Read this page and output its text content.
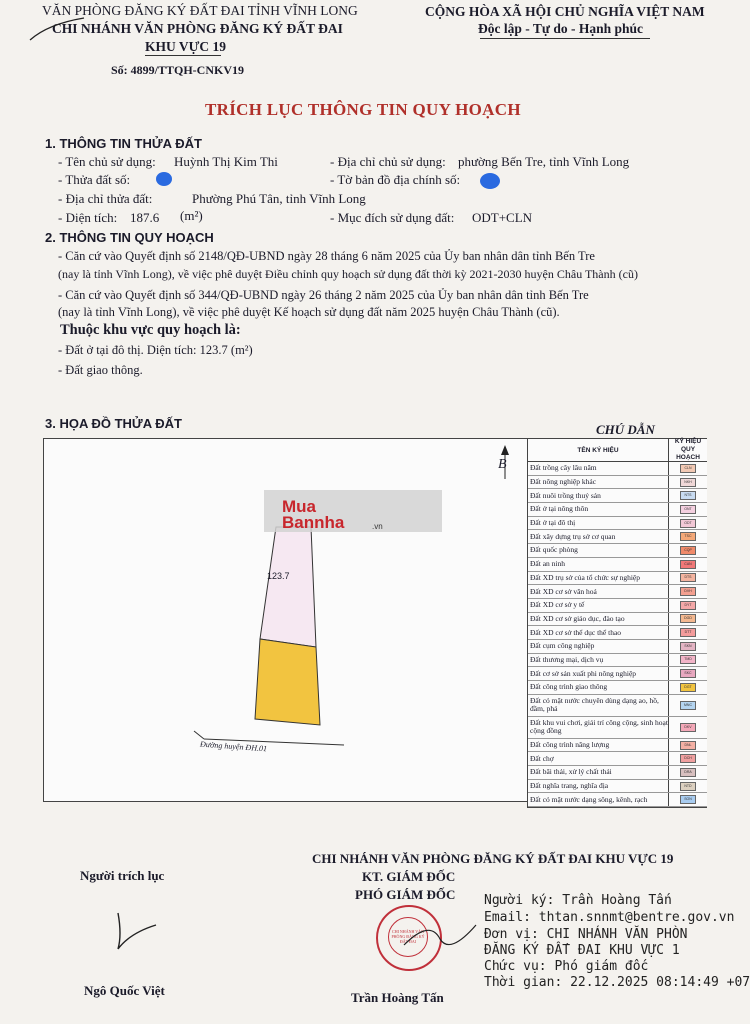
VĂN PHÒNG ĐĂNG KÝ ĐẤT ĐAI TỈNH VĨNH LONG
CHI NHÁNH VĂN PHÒNG ĐĂNG KÝ ĐẤT ĐAI
KHU VỰC 19
Số: 4899/TTQH-CNKV19
CỘNG HÒA XÃ HỘI CHỦ NGHĨA VIỆT NAM
Độc lập - Tự do - Hạnh phúc
TRÍCH LỤC THÔNG TIN QUY HOẠCH
1. THÔNG TIN THỬA ĐẤT
- Tên chủ sử dụng: Huỳnh Thị Kim Thi	- Địa chỉ chủ sử dụng: phường Bến Tre, tỉnh Vĩnh Long
- Thửa đất số:	- Tờ bản đồ địa chính số:
- Địa chỉ thửa đất:	Phường Phú Tân, tỉnh Vĩnh Long
- Diện tích: 187.6 (m²)	- Mục đích sử dụng đất: ODT+CLN
2. THÔNG TIN QUY HOẠCH
- Căn cứ vào Quyết định số 2148/QĐ-UBND ngày 28 tháng 6 năm 2025 của Ủy ban nhân dân tỉnh Bến Tre
(nay là tỉnh Vĩnh Long), về việc phê duyệt Điều chỉnh quy hoạch sử dụng đất thời kỳ 2021-2030 huyện Châu Thành (cũ)
- Căn cứ vào Quyết định số 344/QĐ-UBND ngày 26 tháng 2 năm 2025 của Ủy ban nhân dân tỉnh Bến Tre
(nay là tỉnh Vĩnh Long), về việc phê duyệt Kế hoạch sử dụng đất năm 2025 huyện Châu Thành (cũ).
Thuộc khu vực quy hoạch là:
- Đất ở tại đô thị. Diện tích: 123.7 (m²)
- Đất giao thông.
3. HỌA ĐỒ THỬA ĐẤT
B
123.7
Đường huyện ĐH.01
Mua
Bannha	.vn
CHÚ DẪN
TÊN KÝ HIỆU
KÝ HIỆU QUY HOẠCH
Đất trồng cây lâu năm	CLN
Đất nông nghiệp khác	NKH
Đất nuôi trồng thuỷ sản	NTS
Đất ở tại nông thôn	ONT
Đất ở tại đô thị	ODT
Đất xây dựng trụ sở cơ quan	TSC
Đất quốc phòng	CQP
Đất an ninh	CAN
Đất XD trụ sở của tổ chức sự nghiệp	DTS
Đất XD cơ sở văn hoá	DVH
Đất XD cơ sở y tế	DYT
Đất XD cơ sở giáo dục, đào tạo	DGD
Đất XD cơ sở thể dục thể thao	DTT
Đất cụm công nghiệp	SKN
Đất thương mại, dịch vụ	TMD
Đất cơ sở sản xuất phi nông nghiệp	SKC
Đất công trình giao thông	DGT
Đất có mặt nước chuyên dùng dạng ao, hồ, đầm, phá	MNC
Đất khu vui chơi, giải trí công cộng, sinh hoạt cộng đồng	DKV
Đất công trình năng lượng	DNL
Đất chợ	DCH
Đất bãi thải, xử lý chất thải	DRA
Đất nghĩa trang, nghĩa địa	NTD
Đất có mặt nước dạng sông, kênh, rạch	SON
Người trích lục
Ngô Quốc Việt
CHI NHÁNH VĂN PHÒNG ĐĂNG KÝ ĐẤT ĐAI KHU VỰC 19
KT. GIÁM ĐỐC
PHÓ GIÁM ĐỐC
CHI NHÁNH VĂN PHÒNG ĐĂNG KÝ ĐẤT ĐAI
Trần Hoàng Tấn
Người ký: Trần Hoàng Tấn
Email: thtan.snnmt@bentre.gov.vn
Đơn vị: CHI NHÁNH VĂN PHÒN
ĐĂNG KÝ ĐẤT ĐAI KHU VỰC 1
Chức vụ: Phó giám đốc
Thời gian: 22.12.2025 08:14:49 +07
